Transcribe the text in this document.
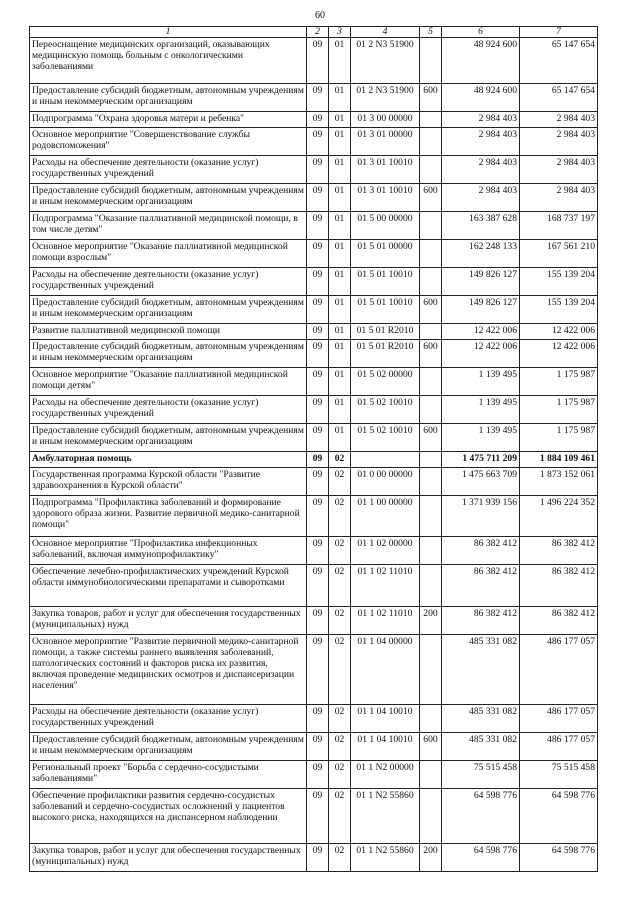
60
1	2	3	4	5	6	7
Переоснащение медицинских организаций, оказывающих медицинскую помощь больным с онкологическими заболеваниями	09	01	01 2 N3 51900		48 924 600	65 147 654
Предоставление субсидий бюджетным, автономным учреждениям и иным некоммерческим организациям	09	01	01 2 N3 51900	600	48 924 600	65 147 654
Подпрограмма "Охрана здоровья матери и ребенка"	09	01	01 3 00 00000		2 984 403	2 984 403
Основное мероприятие "Совершенствование службы родовспоможения"	09	01	01 3 01 00000		2 984 403	2 984 403
Расходы на обеспечение деятельности (оказание услуг) государственных учреждений	09	01	01 3 01 10010		2 984 403	2 984 403
Предоставление субсидий бюджетным, автономным учреждениям и иным некоммерческим организациям	09	01	01 3 01 10010	600	2 984 403	2 984 403
Подпрограмма "Оказание паллиативной медицинской помощи, в том числе детям"	09	01	01 5 00 00000		163 387 628	168 737 197
Основное мероприятие "Оказание паллиативной медицинской помощи взрослым"	09	01	01 5 01 00000		162 248 133	167 561 210
Расходы на обеспечение деятельности (оказание услуг) государственных учреждений	09	01	01 5 01 10010		149 826 127	155 139 204
Предоставление субсидий бюджетным, автономным учреждениям и иным некоммерческим организациям	09	01	01 5 01 10010	600	149 826 127	155 139 204
Развитие паллиативной медицинской помощи	09	01	01 5 01 R2010		12 422 006	12 422 006
Предоставление субсидий бюджетным, автономным учреждениям и иным некоммерческим организациям	09	01	01 5 01 R2010	600	12 422 006	12 422 006
Основное мероприятие "Оказание паллиативной медицинской помощи детям"	09	01	01 5 02 00000		1 139 495	1 175 987
Расходы на обеспечение деятельности (оказание услуг) государственных учреждений	09	01	01 5 02 10010		1 139 495	1 175 987
Предоставление субсидий бюджетным, автономным учреждениям и иным некоммерческим организациям	09	01	01 5 02 10010	600	1 139 495	1 175 987
Амбулаторная помощь	09	02			1 475 711 209	1 884 109 461
Государственная программа Курской области "Развитие здравоохранения в Курской области"	09	02	01 0 00 00000		1 475 663 709	1 873 152 061
Подпрограмма "Профилактика заболеваний и формирование здорового образа жизни. Развитие первичной медико-санитарной помощи"	09	02	01 1 00 00000		1 371 939 156	1 496 224 352
Основное мероприятие "Профилактика инфекционных заболеваний, включая иммунопрофилактику"	09	02	01 1 02 00000		86 382 412	86 382 412
Обеспечение лечебно-профилактических учреждений Курской области иммунобиологическими препаратами и сыворотками	09	02	01 1 02 11010		86 382 412	86 382 412
Закупка товаров, работ и услуг для обеспечения государственных (муниципальных) нужд	09	02	01 1 02 11010	200	86 382 412	86 382 412
Основное мероприятие "Развитие первичной медико-санитарной помощи, а также системы раннего выявления заболеваний, патологических состояний и факторов риска их развития, включая проведение медицинских осмотров и диспансеризации населения"	09	02	01 1 04 00000		485 331 082	486 177 057
Расходы на обеспечение деятельности (оказание услуг) государственных учреждений	09	02	01 1 04 10010		485 331 082	486 177 057
Предоставление субсидий бюджетным, автономным учреждениям и иным некоммерческим организациям	09	02	01 1 04 10010	600	485 331 082	486 177 057
Региональный проект "Борьба с сердечно-сосудистыми заболеваниями"	09	02	01 1 N2 00000		75 515 458	75 515 458
Обеспечение профилактики развития сердечно-сосудистых заболеваний и сердечно-сосудистых осложнений у пациентов высокого риска, находящихся на диспансерном наблюдении	09	02	01 1 N2 55860		64 598 776	64 598 776
Закупка товаров, работ и услуг для обеспечения государственных (муниципальных) нужд	09	02	01 1 N2 55860	200	64 598 776	64 598 776
